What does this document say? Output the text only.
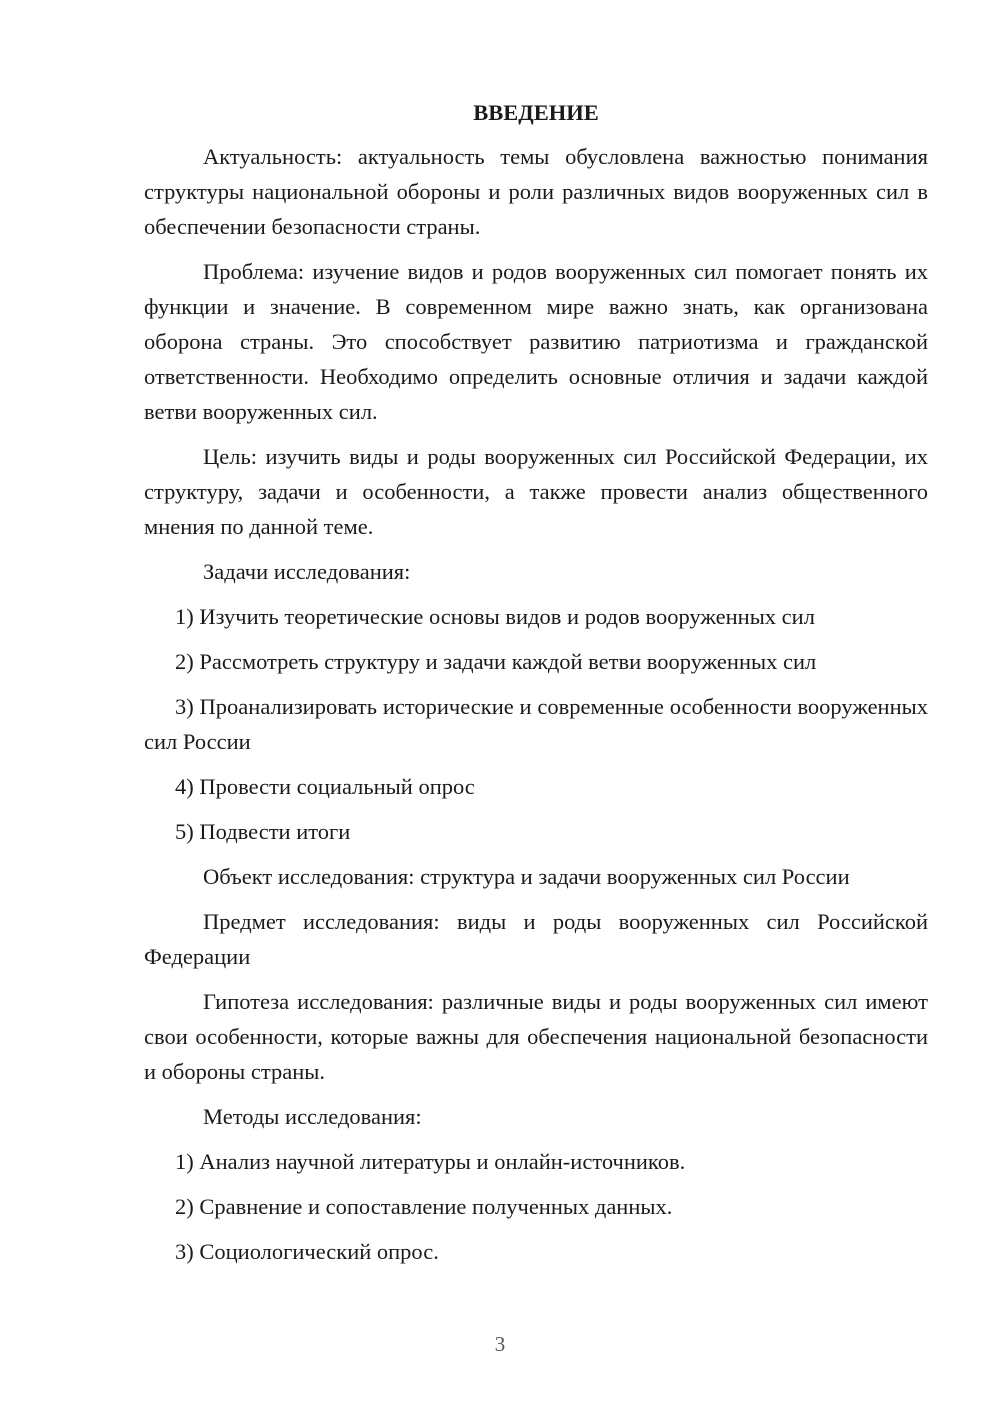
ВВЕДЕНИЕ

Актуальность: актуальность темы обусловлена важностью понимания структуры национальной обороны и роли различных видов вооруженных сил в обеспечении безопасности страны.

Проблема: изучение видов и родов вооруженных сил помогает понять их функции и значение. В современном мире важно знать, как организована оборона страны. Это способствует развитию патриотизма и гражданской ответственности. Необходимо определить основные отличия и задачи каждой ветви вооруженных сил.

Цель: изучить виды и роды вооруженных сил Российской Федерации, их структуру, задачи и особенности, а также провести анализ общественного мнения по данной теме.

Задачи исследования:

1) Изучить теоретические основы видов и родов вооруженных сил

2) Рассмотреть структуру и задачи каждой ветви вооруженных сил

3) Проанализировать исторические и современные особенности вооруженных сил России

4) Провести социальный опрос

5) Подвести итоги

Объект исследования: структура и задачи вооруженных сил России

Предмет исследования: виды и роды вооруженных сил Российской Федерации

Гипотеза исследования: различные виды и роды вооруженных сил имеют свои особенности, которые важны для обеспечения национальной безопасности и обороны страны.

Методы исследования:

1) Анализ научной литературы и онлайн-источников.

2) Сравнение и сопоставление полученных данных.

3) Социологический опрос.

3
